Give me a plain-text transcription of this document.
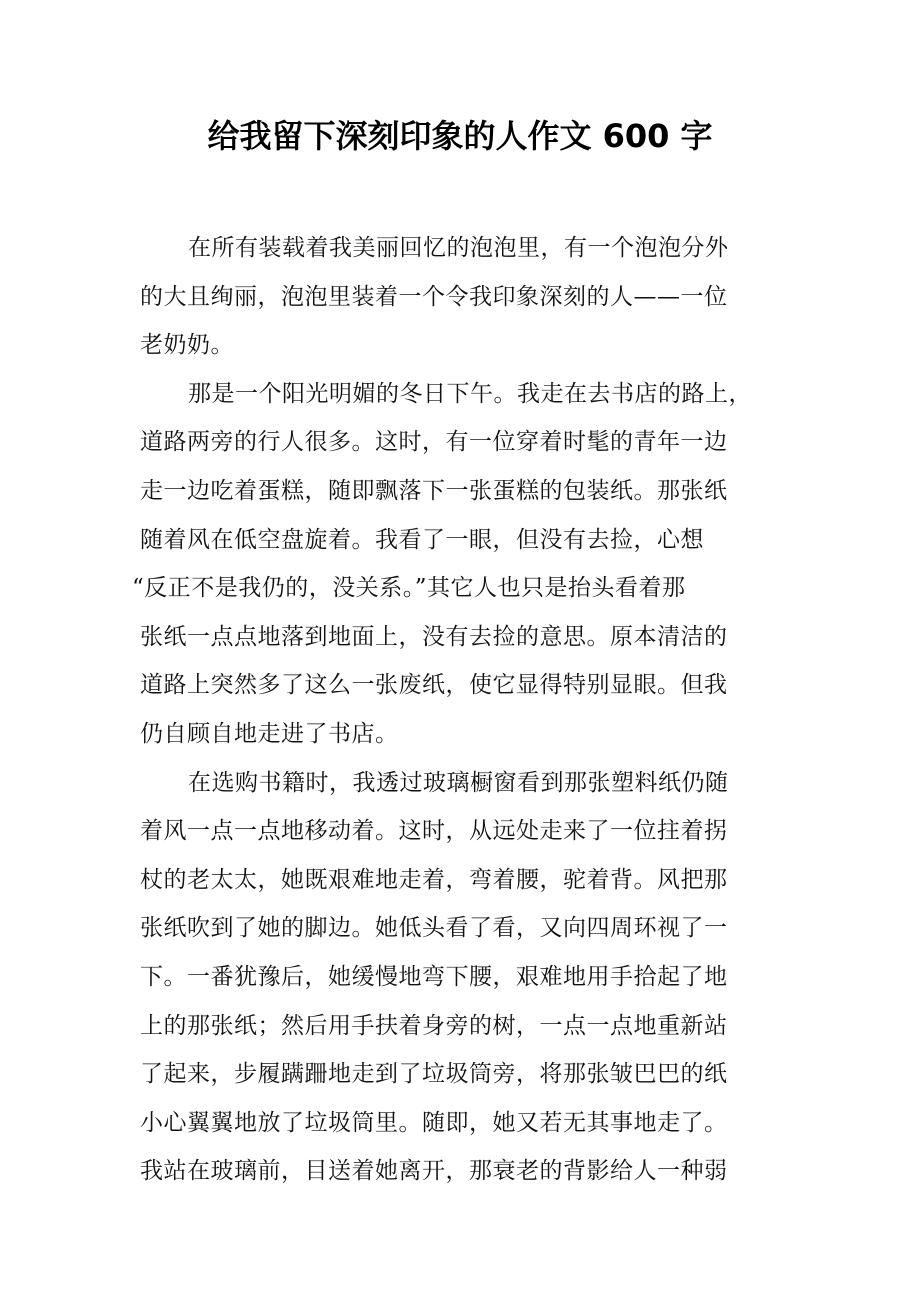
给我留下深刻印象的人作文 600 字
在所有装载着我美丽回忆的泡泡里，有一个泡泡分外
的大且绚丽，泡泡里装着一个令我印象深刻的人——一位
老奶奶。
那是一个阳光明媚的冬日下午。我走在去书店的路上，
道路两旁的行人很多。这时，有一位穿着时髦的青年一边
走一边吃着蛋糕，随即飘落下一张蛋糕的包装纸。那张纸
随着风在低空盘旋着。我看了一眼，但没有去捡，心想
“反正不是我仍的，没关系。”其它人也只是抬头看着那
张纸一点点地落到地面上，没有去捡的意思。原本清洁的
道路上突然多了这么一张废纸，使它显得特别显眼。但我
仍自顾自地走进了书店。
在选购书籍时，我透过玻璃橱窗看到那张塑料纸仍随
着风一点一点地移动着。这时，从远处走来了一位拄着拐
杖的老太太，她既艰难地走着，弯着腰，驼着背。风把那
张纸吹到了她的脚边。她低头看了看，又向四周环视了一
下。一番犹豫后，她缓慢地弯下腰，艰难地用手拾起了地
上的那张纸；然后用手扶着身旁的树，一点一点地重新站
了起来，步履蹒跚地走到了垃圾筒旁，将那张皱巴巴的纸
小心翼翼地放了垃圾筒里。随即，她又若无其事地走了。
我站在玻璃前，目送着她离开，那衰老的背影给人一种弱
